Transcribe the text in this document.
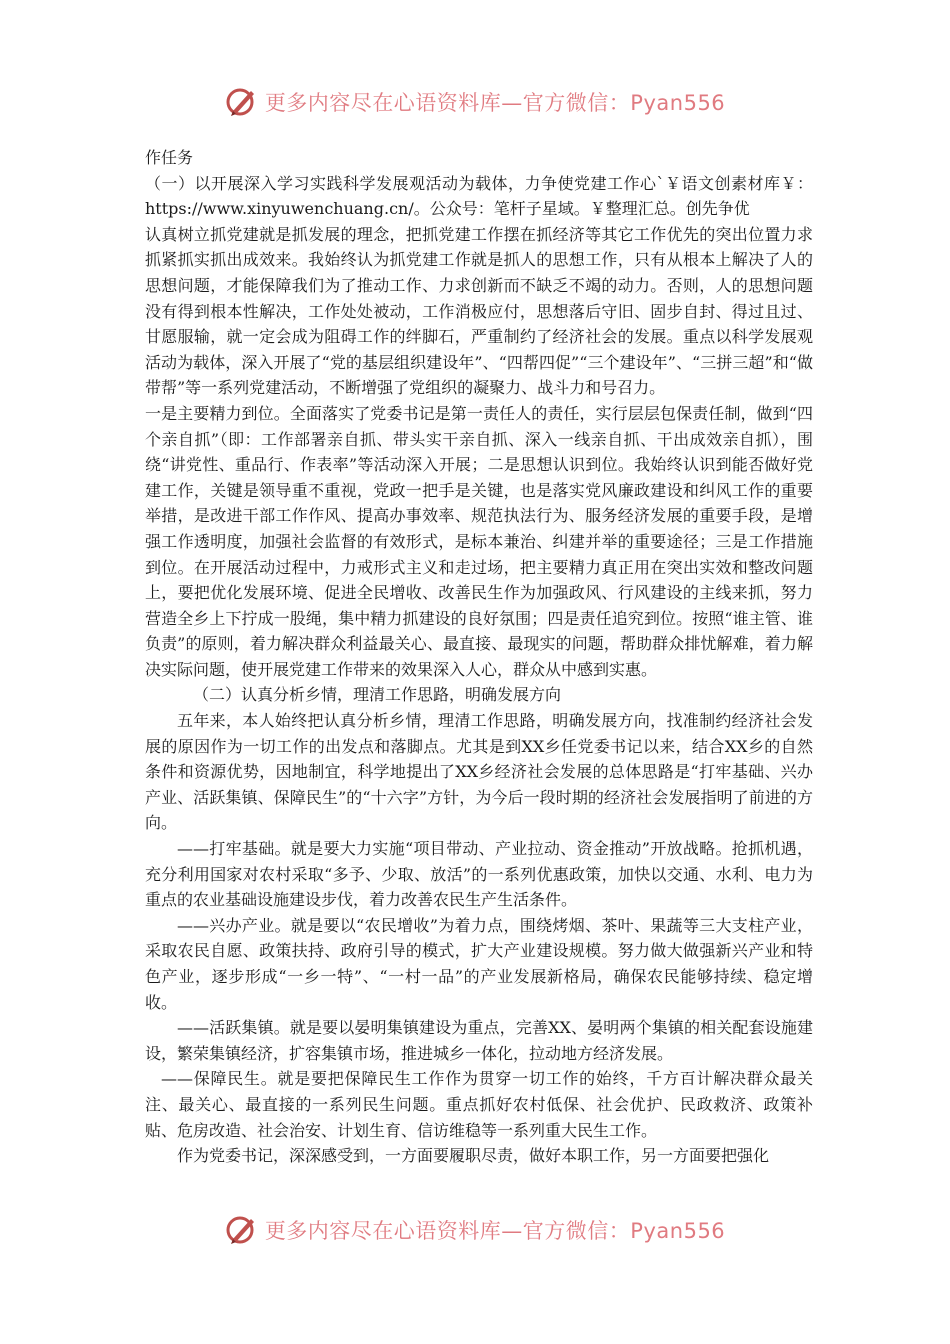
更多内容尽在心语资料库—官方微信：Pyan556

作任务

（一）以开展深入学习实践科学发展观活动为载体，力争使党建工作心`￥语文创素材库￥：https://www.xinyuwenchuang.cn/。公众号：笔杆子星域。￥整理汇总。创先争优

认真树立抓党建就是抓发展的理念，把抓党建工作摆在抓经济等其它工作优先的突出位置力求抓紧抓实抓出成效来。我始终认为抓党建工作就是抓人的思想工作，只有从根本上解决了人的思想问题，才能保障我们为了推动工作、力求创新而不缺乏不竭的动力。否则，人的思想问题没有得到根本性解决，工作处处被动，工作消极应付，思想落后守旧、固步自封、得过且过、甘愿服输，就一定会成为阻碍工作的绊脚石，严重制约了经济社会的发展。重点以科学发展观活动为载体，深入开展了“党的基层组织建设年”、“四帮四促”“三个建设年”、“三拼三超”和“做带帮”等一系列党建活动，不断增强了党组织的凝聚力、战斗力和号召力。

一是主要精力到位。全面落实了党委书记是第一责任人的责任，实行层层包保责任制，做到“四个亲自抓”（即：工作部署亲自抓、带头实干亲自抓、深入一线亲自抓、干出成效亲自抓），围绕“讲党性、重品行、作表率”等活动深入开展；二是思想认识到位。我始终认识到能否做好党建工作，关键是领导重不重视，党政一把手是关键，也是落实党风廉政建设和纠风工作的重要举措，是改进干部工作作风、提高办事效率、规范执法行为、服务经济发展的重要手段，是增强工作透明度，加强社会监督的有效形式，是标本兼治、纠建并举的重要途径；三是工作措施到位。在开展活动过程中，力戒形式主义和走过场，把主要精力真正用在突出实效和整改问题上，要把优化发展环境、促进全民增收、改善民生作为加强政风、行风建设的主线来抓，努力营造全乡上下拧成一股绳，集中精力抓建设的良好氛围；四是责任追究到位。按照“谁主管、谁负责”的原则，着力解决群众利益最关心、最直接、最现实的问题，帮助群众排忧解难，着力解决实际问题，使开展党建工作带来的效果深入人心，群众从中感到实惠。

（二）认真分析乡情，理清工作思路，明确发展方向

五年来，本人始终把认真分析乡情，理清工作思路，明确发展方向，找准制约经济社会发展的原因作为一切工作的出发点和落脚点。尤其是到XX乡任党委书记以来，结合XX乡的自然条件和资源优势，因地制宜，科学地提出了XX乡经济社会发展的总体思路是“打牢基础、兴办产业、活跃集镇、保障民生”的“十六字”方针，为今后一段时期的经济社会发展指明了前进的方向。

——打牢基础。就是要大力实施“项目带动、产业拉动、资金推动”开放战略。抢抓机遇，充分利用国家对农村采取“多予、少取、放活”的一系列优惠政策，加快以交通、水利、电力为重点的农业基础设施建设步伐，着力改善农民生产生活条件。

——兴办产业。就是要以“农民增收”为着力点，围绕烤烟、茶叶、果蔬等三大支柱产业，采取农民自愿、政策扶持、政府引导的模式，扩大产业建设规模。努力做大做强新兴产业和特色产业，逐步形成“一乡一特”、“一村一品”的产业发展新格局，确保农民能够持续、稳定增收。

——活跃集镇。就是要以晏明集镇建设为重点，完善XX、晏明两个集镇的相关配套设施建设，繁荣集镇经济，扩容集镇市场，推进城乡一体化，拉动地方经济发展。

——保障民生。就是要把保障民生工作作为贯穿一切工作的始终，千方百计解决群众最关注、最关心、最直接的一系列民生问题。重点抓好农村低保、社会优护、民政救济、政策补贴、危房改造、社会治安、计划生育、信访维稳等一系列重大民生工作。

作为党委书记，深深感受到，一方面要履职尽责，做好本职工作，另一方面要把强化

更多内容尽在心语资料库—官方微信：Pyan556
